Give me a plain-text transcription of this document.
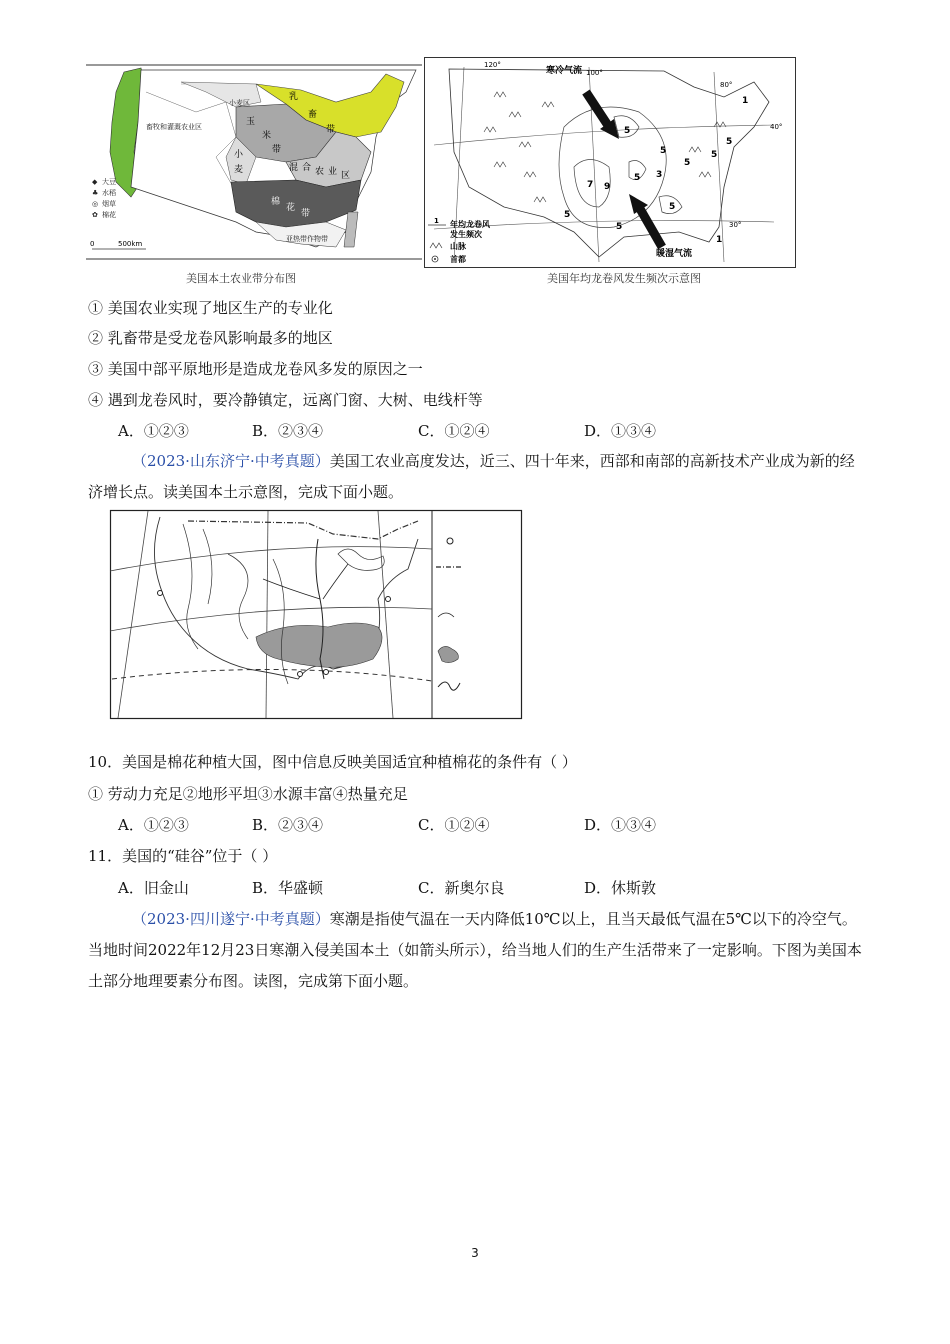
畜牧和灌溉农业区
小麦区
乳
畜
带
玉
米
带
混 合 农 业 区
小
麦
棉
花
带
亚热带作物带
◆ 大豆
♣ 水稻
◎ 烟草
✿ 棉花
0	500km
美国本土农业带分布图
寒冷气流
暖湿气流
120°
100°
80°
40°
30°
1
5
5
5
5 3
7 9
5
5
5
5
5
1
1 年均龙卷风
发生频次
山脉
首都
美国年均龙卷风发生频次示意图
① 美国农业实现了地区生产的专业化
② 乳畜带是受龙卷风影响最多的地区
③ 美国中部平原地形是造成龙卷风多发的原因之一
④ 遇到龙卷风时，要冷静镇定，远离门窗、大树、电线杆等
A．①②③	B．②③④	C．①②④	D．①③④
（2023·山东济宁·中考真题）美国工农业高度发达，近三、四十年来，西部和南部的高新技术产业成为新的经济增长点。读美国本土示意图，完成下面小题。
10．美国是棉花种植大国，图中信息反映美国适宜种植棉花的条件有（ ）
① 劳动力充足②地形平坦③水源丰富④热量充足
A．①②③	B．②③④	C．①②④	D．①③④
11．美国的“硅谷”位于（ ）
A．旧金山	B．华盛顿	C．新奥尔良	D．休斯敦
（2023·四川遂宁·中考真题）寒潮是指使气温在一天内降低10℃以上，且当天最低气温在5℃以下的冷空气。当地时间2022年12月23日寒潮入侵美国本土（如箭头所示），给当地人们的生产生活带来了一定影响。下图为美国本土部分地理要素分布图。读图，完成第下面小题。
3
